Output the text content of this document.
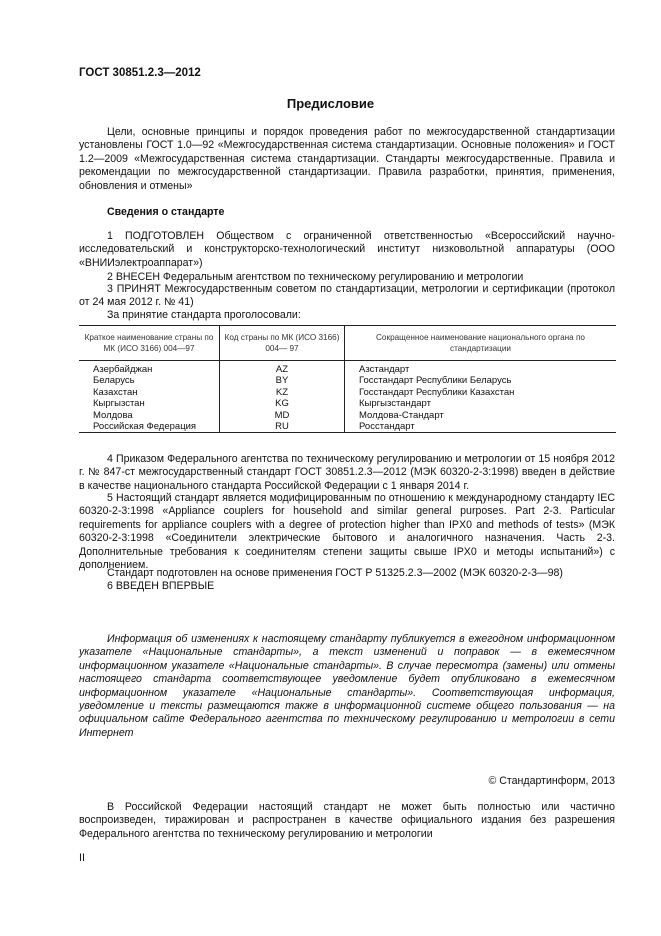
ГОСТ 30851.2.3—2012
Предисловие
Цели, основные принципы и порядок проведения работ по межгосударственной стандартизации установлены ГОСТ 1.0—92 «Межгосударственная система стандартизации. Основные положения» и ГОСТ 1.2—2009 «Межгосударственная система стандартизации. Стандарты межгосударственные. Правила и рекомендации по межгосударственной стандартизации. Правила разработки, принятия, применения, обновления и отмены»
Сведения о стандарте
1 ПОДГОТОВЛЕН Обществом с ограниченной ответственностью «Всероссийский научно-исследовательский и конструкторско-технологический институт низковольтной аппаратуры (ООО «ВНИИэлектроаппарат»)
2 ВНЕСЕН Федеральным агентством по техническому регулированию и метрологии
3 ПРИНЯТ Межгосударственным советом по стандартизации, метрологии и сертификации (протокол от 24 мая 2012 г. № 41)
За принятие стандарта проголосовали:
Краткое наименование страны по МК (ИСО 3166) 004—97	Код страны по МК (ИСО 3166) 004— 97	Сокращенное наименование национального органа по стандартизации
Азербайджан	AZ	Азстандарт
Беларусь	BY	Госстандарт Республики Беларусь
Казахстан	KZ	Госстандарт Республики Казахстан
Кыргызстан	KG	Кыргызстандарт
Молдова	MD	Молдова-Стандарт
Российская Федерация	RU	Росстандарт
4 Приказом Федерального агентства по техническому регулированию и метрологии от 15 ноября 2012 г. № 847-ст межгосударственный стандарт ГОСТ 30851.2.3—2012 (МЭК 60320-2-3:1998) введен в действие в качестве национального стандарта Российской Федерации с 1 января 2014 г.
5 Настоящий стандарт является модифицированным по отношению к международному стандарту IEC 60320-2-3:1998 «Appliance couplers for household and similar general purposes. Part 2-3. Particular requirements for appliance couplers with a degree of protection higher than IPX0 and methods of tests» (МЭК 60320-2-3:1998 «Соединители электрические бытового и аналогичного назначения. Часть 2-3. Дополнительные требования к соединителям степени защиты свыше IPX0 и методы испытаний») с дополнением.
Стандарт подготовлен на основе применения ГОСТ Р 51325.2.3—2002 (МЭК 60320-2-3—98)
6 ВВЕДЕН ВПЕРВЫЕ
Информация об изменениях к настоящему стандарту публикуется в ежегодном информационном указателе «Национальные стандарты», а текст изменений и поправок — в ежемесячном информационном указателе «Национальные стандарты». В случае пересмотра (замены) или отмены настоящего стандарта соответствующее уведомление будет опубликовано в ежемесячном информационном указателе «Национальные стандарты». Соответствующая информация, уведомление и тексты размещаются также в информационной системе общего пользования — на официальном сайте Федерального агентства по техническому регулированию и метрологии в сети Интернет
© Стандартинформ, 2013
В Российской Федерации настоящий стандарт не может быть полностью или частично воспроизведен, тиражирован и распространен в качестве официального издания без разрешения Федерального агентства по техническому регулированию и метрологии
II
